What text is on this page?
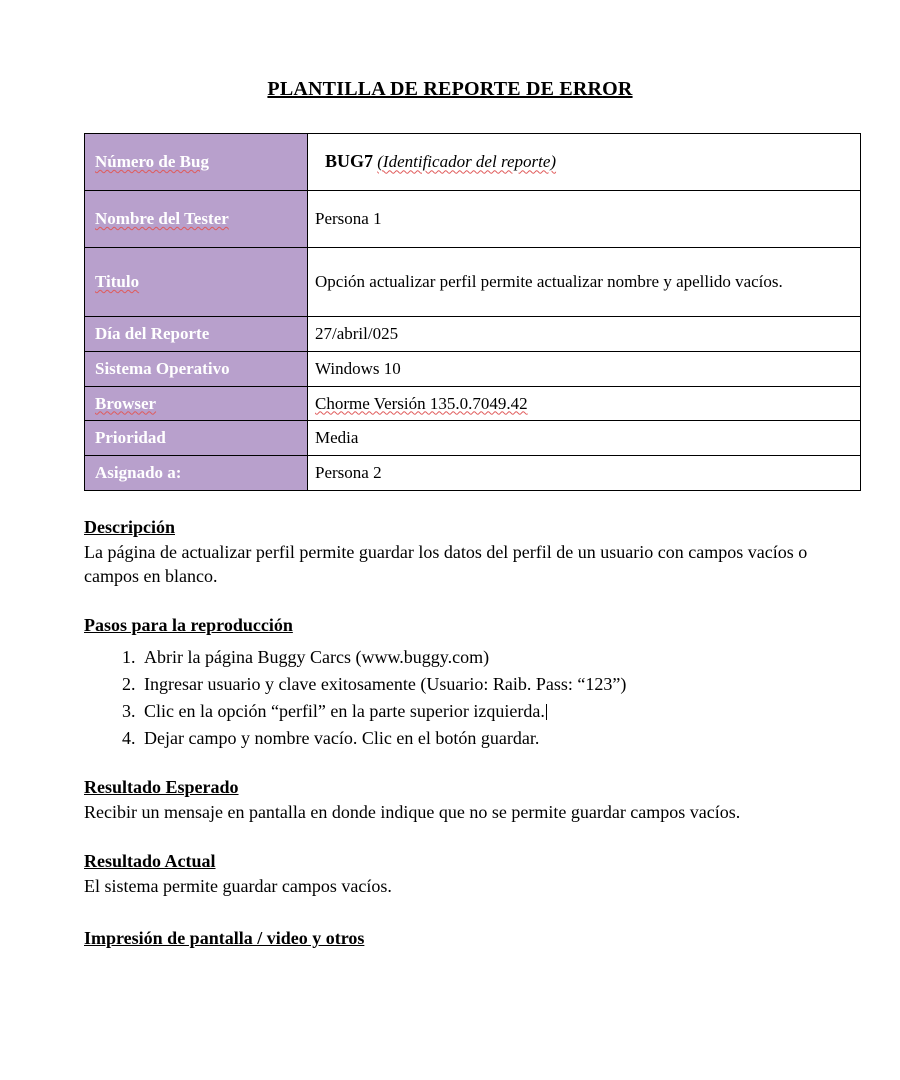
PLANTILLA DE REPORTE DE ERROR
Número de Bug	BUG7 (Identificador del reporte)
Nombre del Tester	Persona 1
Titulo	Opción actualizar perfil permite actualizar nombre y apellido vacíos.
Día del Reporte	27/abril/025
Sistema Operativo	Windows 10
Browser	Chorme Versión 135.0.7049.42
Prioridad	Media
Asignado a:	Persona 2
Descripción

La página de actualizar perfil permite guardar los datos del perfil de un usuario con campos vacíos o campos en blanco.

Pasos para la reproducción
1. Abrir la página Buggy Carcs (www.buggy.com)
2. Ingresar usuario y clave exitosamente (Usuario: Raib. Pass: “123”)
3. Clic en la opción “perfil” en la parte superior izquierda.
4. Dejar campo y nombre vacío. Clic en el botón guardar.
Resultado Esperado

Recibir un mensaje en pantalla en donde indique que no se permite guardar campos vacíos.

Resultado Actual

El sistema permite guardar campos vacíos.

Impresión de pantalla / video y otros
